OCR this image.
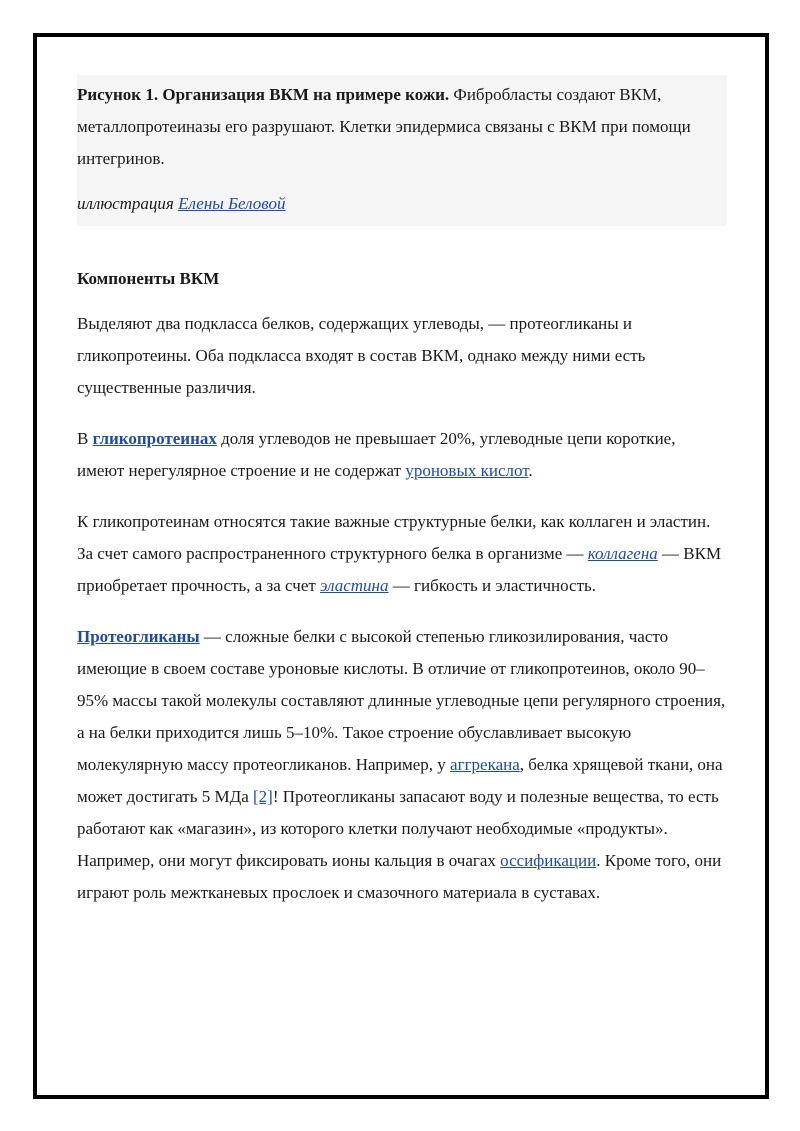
Рисунок 1. Организация ВКМ на примере кожи. Фибробласты создают ВКМ, металлопротеиназы его разрушают. Клетки эпидермиса связаны с ВКМ при помощи интегринов.

иллюстрация Елены Беловой

Компоненты ВКМ

Выделяют два подкласса белков, содержащих углеводы, — протеогликаны и гликопротеины. Оба подкласса входят в состав ВКМ, однако между ними есть существенные различия.

В гликопротеинах доля углеводов не превышает 20%, углеводные цепи короткие, имеют нерегулярное строение и не содержат уроновых кислот.

К гликопротеинам относятся такие важные структурные белки, как коллаген и эластин. За счет самого распространенного структурного белка в организме — коллагена — ВКМ приобретает прочность, а за счет эластина — гибкость и эластичность.

Протеогликаны — сложные белки с высокой степенью гликозилирования, часто имеющие в своем составе уроновые кислоты. В отличие от гликопротеинов, около 90–95% массы такой молекулы составляют длинные углеводные цепи регулярного строения, а на белки приходится лишь 5–10%. Такое строение обуславливает высокую молекулярную массу протеогликанов. Например, у аггрекана, белка хрящевой ткани, она может достигать 5 МДа [2]! Протеогликаны запасают воду и полезные вещества, то есть работают как «магазин», из которого клетки получают необходимые «продукты». Например, они могут фиксировать ионы кальция в очагах оссификации. Кроме того, они играют роль межтканевых прослоек и смазочного материала в суставах.
